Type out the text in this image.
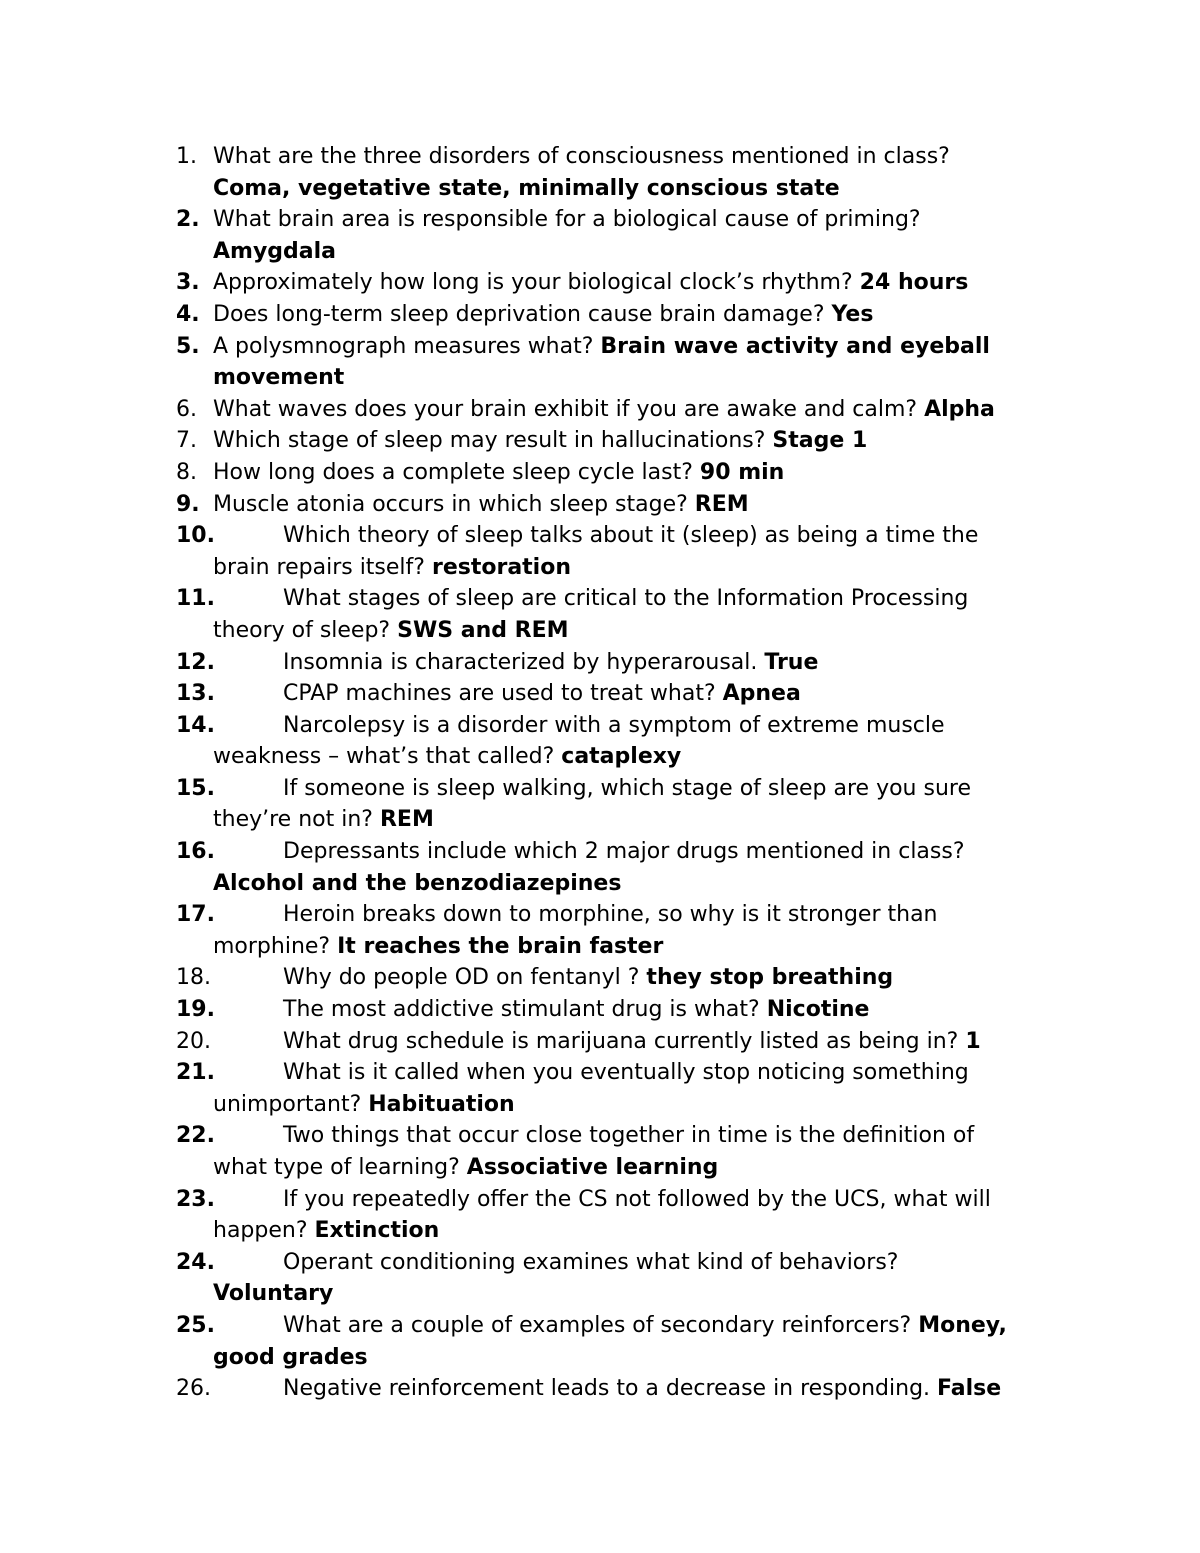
1. What are the three disorders of consciousness mentioned in class?
Coma, vegetative state, minimally conscious state
2. What brain area is responsible for a biological cause of priming?
Amygdala
3. Approximately how long is your biological clock’s rhythm? 24 hours
4. Does long-term sleep deprivation cause brain damage? Yes
5. A polysmnograph measures what? Brain wave activity and eyeball
movement
6. What waves does your brain exhibit if you are awake and calm? Alpha
7. Which stage of sleep may result in hallucinations? Stage 1
8. How long does a complete sleep cycle last? 90 min
9. Muscle atonia occurs in which sleep stage? REM
10.	Which theory of sleep talks about it (sleep) as being a time the
brain repairs itself? restoration
11.	What stages of sleep are critical to the Information Processing
theory of sleep? SWS and REM
12.	Insomnia is characterized by hyperarousal. True
13.	CPAP machines are used to treat what? Apnea
14.	Narcolepsy is a disorder with a symptom of extreme muscle
weakness – what’s that called? cataplexy
15.	If someone is sleep walking, which stage of sleep are you sure
they’re not in? REM
16.	Depressants include which 2 major drugs mentioned in class?
Alcohol and the benzodiazepines
17.	Heroin breaks down to morphine, so why is it stronger than
morphine? It reaches the brain faster
18.	Why do people OD on fentanyl ? they stop breathing
19.	The most addictive stimulant drug is what? Nicotine
20.	What drug schedule is marijuana currently listed as being in? 1
21.	What is it called when you eventually stop noticing something
unimportant? Habituation
22.	Two things that occur close together in time is the definition of
what type of learning? Associative learning
23.	If you repeatedly offer the CS not followed by the UCS, what will
happen? Extinction
24.	Operant conditioning examines what kind of behaviors?
Voluntary
25.	What are a couple of examples of secondary reinforcers? Money,
good grades
26.	Negative reinforcement leads to a decrease in responding. False
